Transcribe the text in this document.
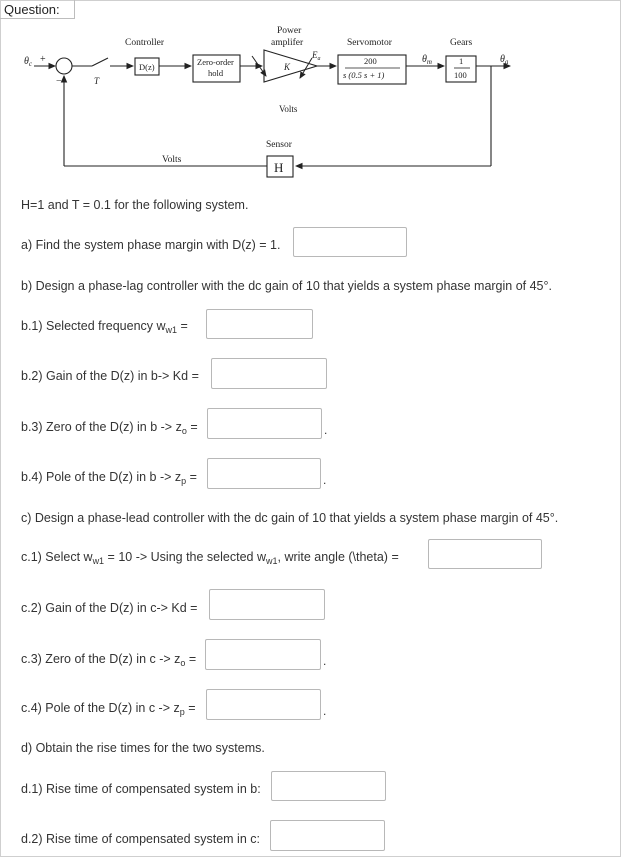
Question:
$\theta_c$ +
−	T
Controller
D(z)	Zero-order
hold
Power
amplifer
K
$E_a$
Volts
Servomotor
200
s (0.5 s + 1)
$\theta_m$
Gears
1
100
$\theta_a$
Sensor
H
Volts
H=1 and T = 0.1 for the following system.
a) Find the system phase margin with D(z) = 1.
b) Design a phase-lag controller with the dc gain of 10 that yields a system phase margin of 45°.
b.1) Selected frequency $w_{w1}$ =
b.2) Gain of the D(z) in b-> Kd =
b.3) Zero of the D(z) in $b -> z_o$ =	.
b.4) Pole of the D(z) in $b -> z_p$ =	.
c) Design a phase-lead controller with the dc gain of 10 that yields a system phase margin of 45°.
c.1) Select $w_{w1} = 10 -> Using$ the selected $w_{w1}$, write angle (\theta) =
c.2) Gain of the D(z) in c-> Kd =
c.3) Zero of the D(z) in $c -> z_o$ =	.
c.4) Pole of the D(z) in $c -> z_p$ =	.
d) Obtain the rise times for the two systems.
d.1) Rise time of compensated system in b:
d.2) Rise time of compensated system in c:
